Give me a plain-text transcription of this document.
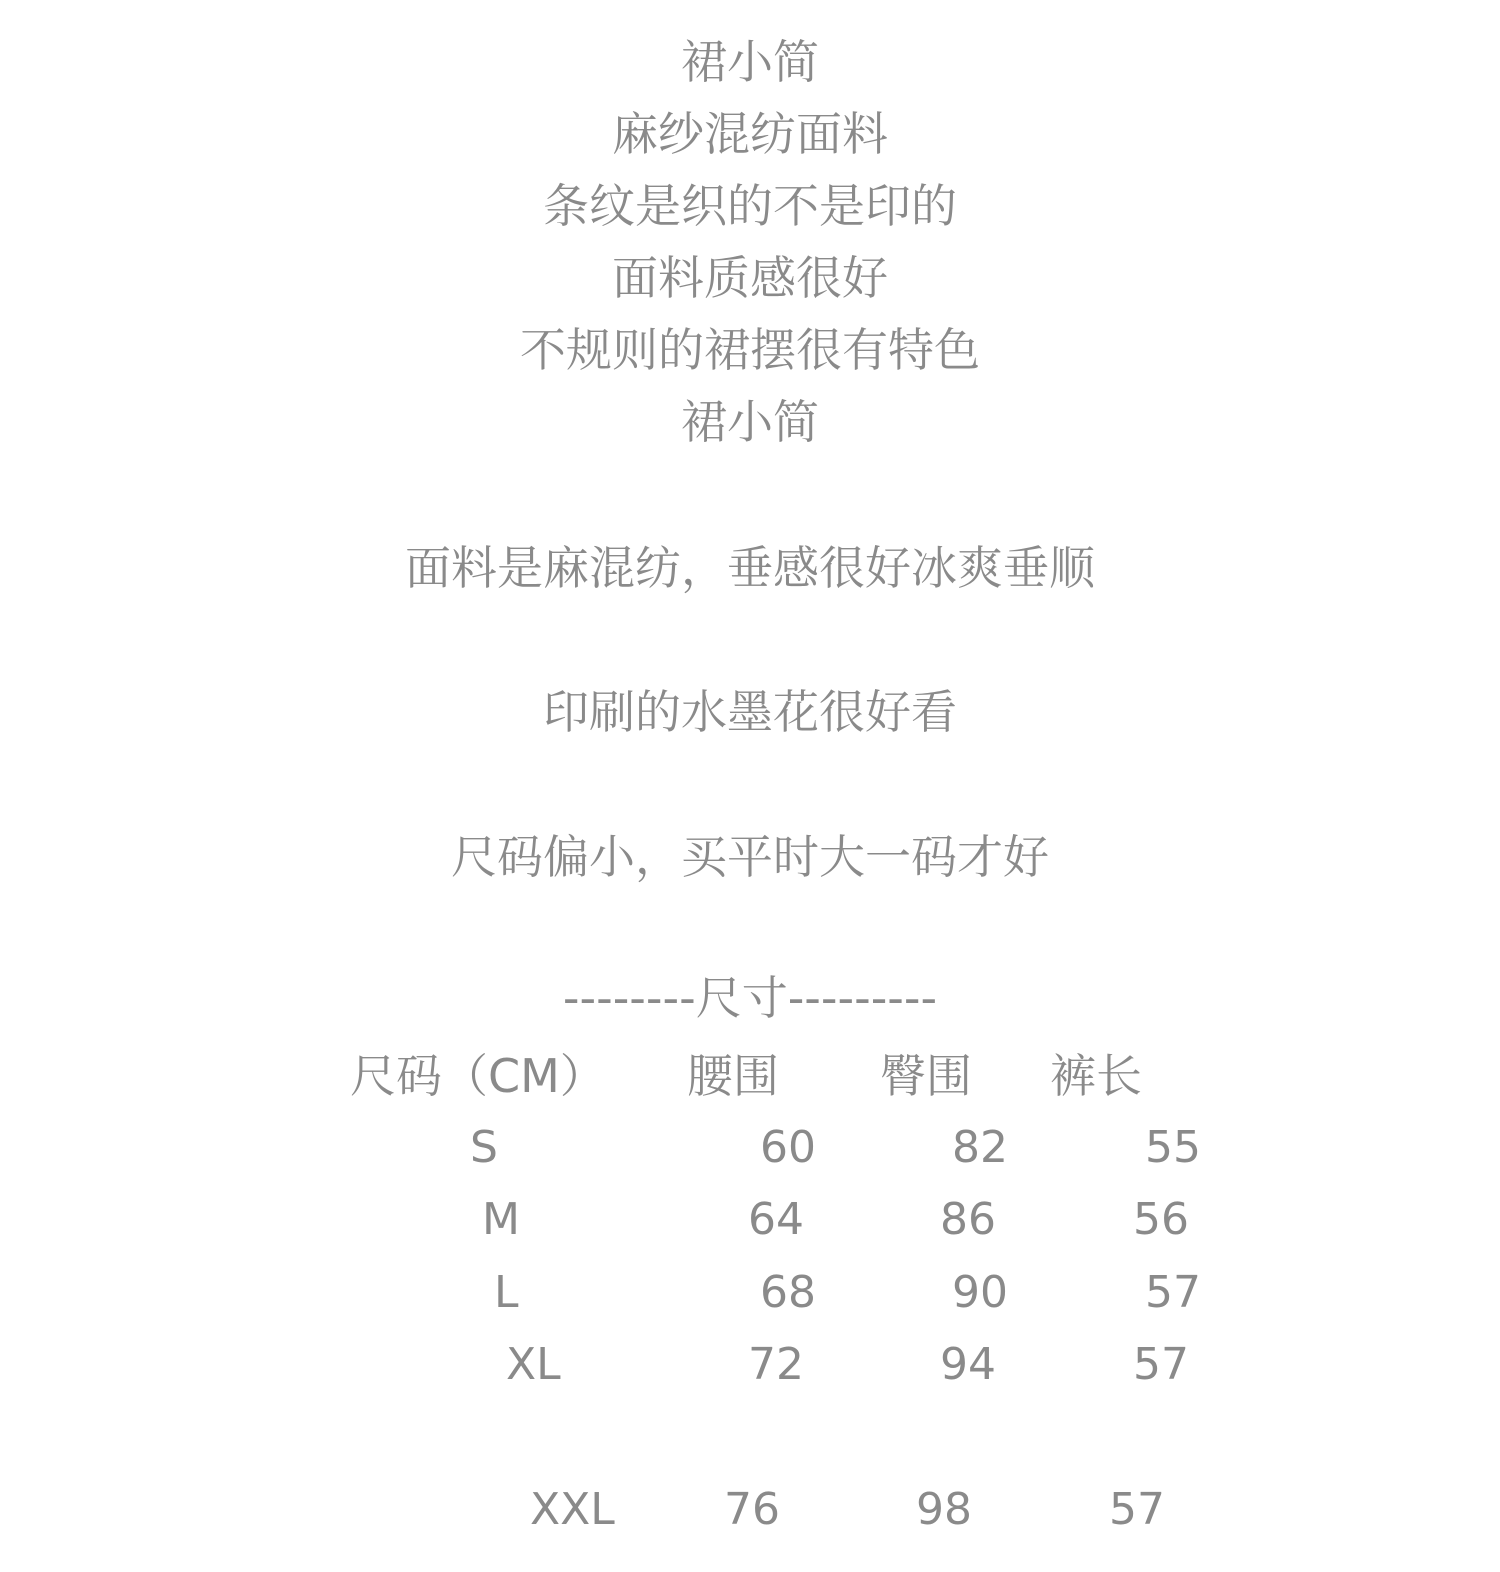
裙小简
麻纱混纺面料
条纹是织的不是印的
面料质感很好
不规则的裙摆很有特色
裙小简
面料是麻混纺，垂感很好冰爽垂顺
印刷的水墨花很好看
尺码偏小，买平时大一码才好
--------尺寸---------
尺码（CM） 腰围 臀围 裤长
S	60	82	55
M	64	86	56
L	68	90	57
XL	72	94	57
XXL 76	98	57
